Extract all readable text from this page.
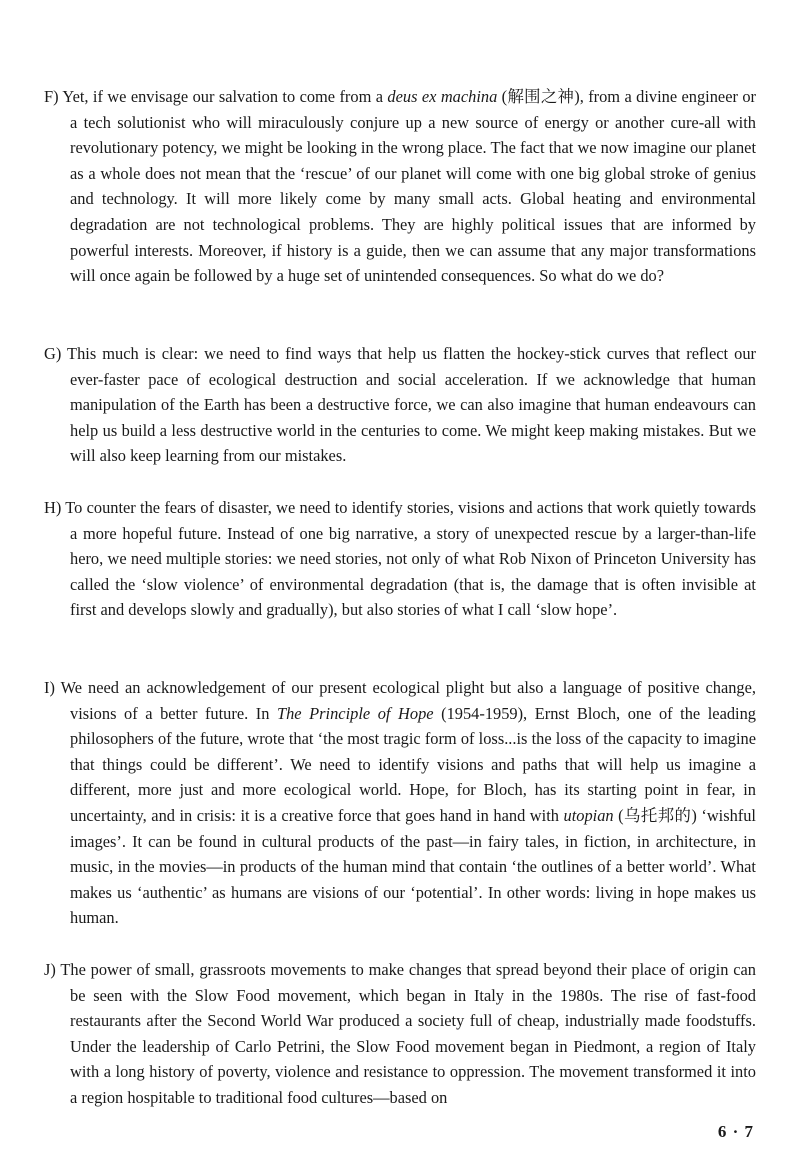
F) Yet, if we envisage our salvation to come from a deus ex machina (解围之神), from a divine engineer or a tech solutionist who will miraculously conjure up a new source of energy or another cure-all with revolutionary potency, we might be looking in the wrong place. The fact that we now imagine our planet as a whole does not mean that the ‘rescue’ of our planet will come with one big global stroke of genius and technology. It will more likely come by many small acts. Global heating and environmental degradation are not technological problems. They are highly political issues that are informed by powerful interests. Moreover, if history is a guide, then we can assume that any major transformations will once again be followed by a huge set of unintended consequences. So what do we do?

G) This much is clear: we need to find ways that help us flatten the hockey-stick curves that reflect our ever-faster pace of ecological destruction and social acceleration. If we acknowledge that human manipulation of the Earth has been a destructive force, we can also imagine that human endeavours can help us build a less destructive world in the centuries to come. We might keep making mistakes. But we will also keep learning from our mistakes.

H) To counter the fears of disaster, we need to identify stories, visions and actions that work quietly towards a more hopeful future. Instead of one big narrative, a story of unexpected rescue by a larger-than-life hero, we need multiple stories: we need stories, not only of what Rob Nixon of Princeton University has called the ‘slow violence’ of environmental degradation (that is, the damage that is often invisible at first and develops slowly and gradually), but also stories of what I call ‘slow hope’.

I) We need an acknowledgement of our present ecological plight but also a language of positive change, visions of a better future. In The Principle of Hope (1954-1959), Ernst Bloch, one of the leading philosophers of the future, wrote that ‘the most tragic form of loss...is the loss of the capacity to imagine that things could be different’. We need to identify visions and paths that will help us imagine a different, more just and more ecological world. Hope, for Bloch, has its starting point in fear, in uncertainty, and in crisis: it is a creative force that goes hand in hand with utopian (乌托邦的) ‘wishful images’. It can be found in cultural products of the past—in fairy tales, in fiction, in architecture, in music, in the movies—in products of the human mind that contain ‘the outlines of a better world’. What makes us ‘authentic’ as humans are visions of our ‘potential’. In other words: living in hope makes us human.

J) The power of small, grassroots movements to make changes that spread beyond their place of origin can be seen with the Slow Food movement, which began in Italy in the 1980s. The rise of fast-food restaurants after the Second World War produced a society full of cheap, industrially made foodstuffs. Under the leadership of Carlo Petrini, the Slow Food movement began in Piedmont, a region of Italy with a long history of poverty, violence and resistance to oppression. The movement transformed it into a region hospitable to traditional food cultures—based on

6 · 7
